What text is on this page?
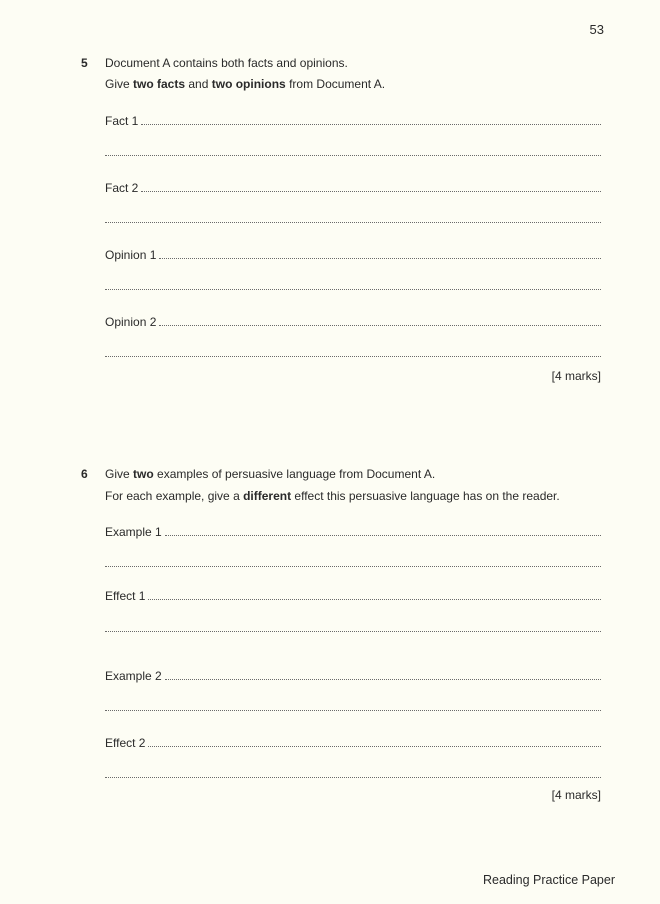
53
5 Document A contains both facts and opinions.
Give two facts and two opinions from Document A.
Fact 1
Fact 2
Opinion 1
Opinion 2
[4 marks]
6 Give two examples of persuasive language from Document A.
For each example, give a different effect this persuasive language has on the reader.
Example 1
Effect 1
Example 2
Effect 2
[4 marks]
Reading Practice Paper
